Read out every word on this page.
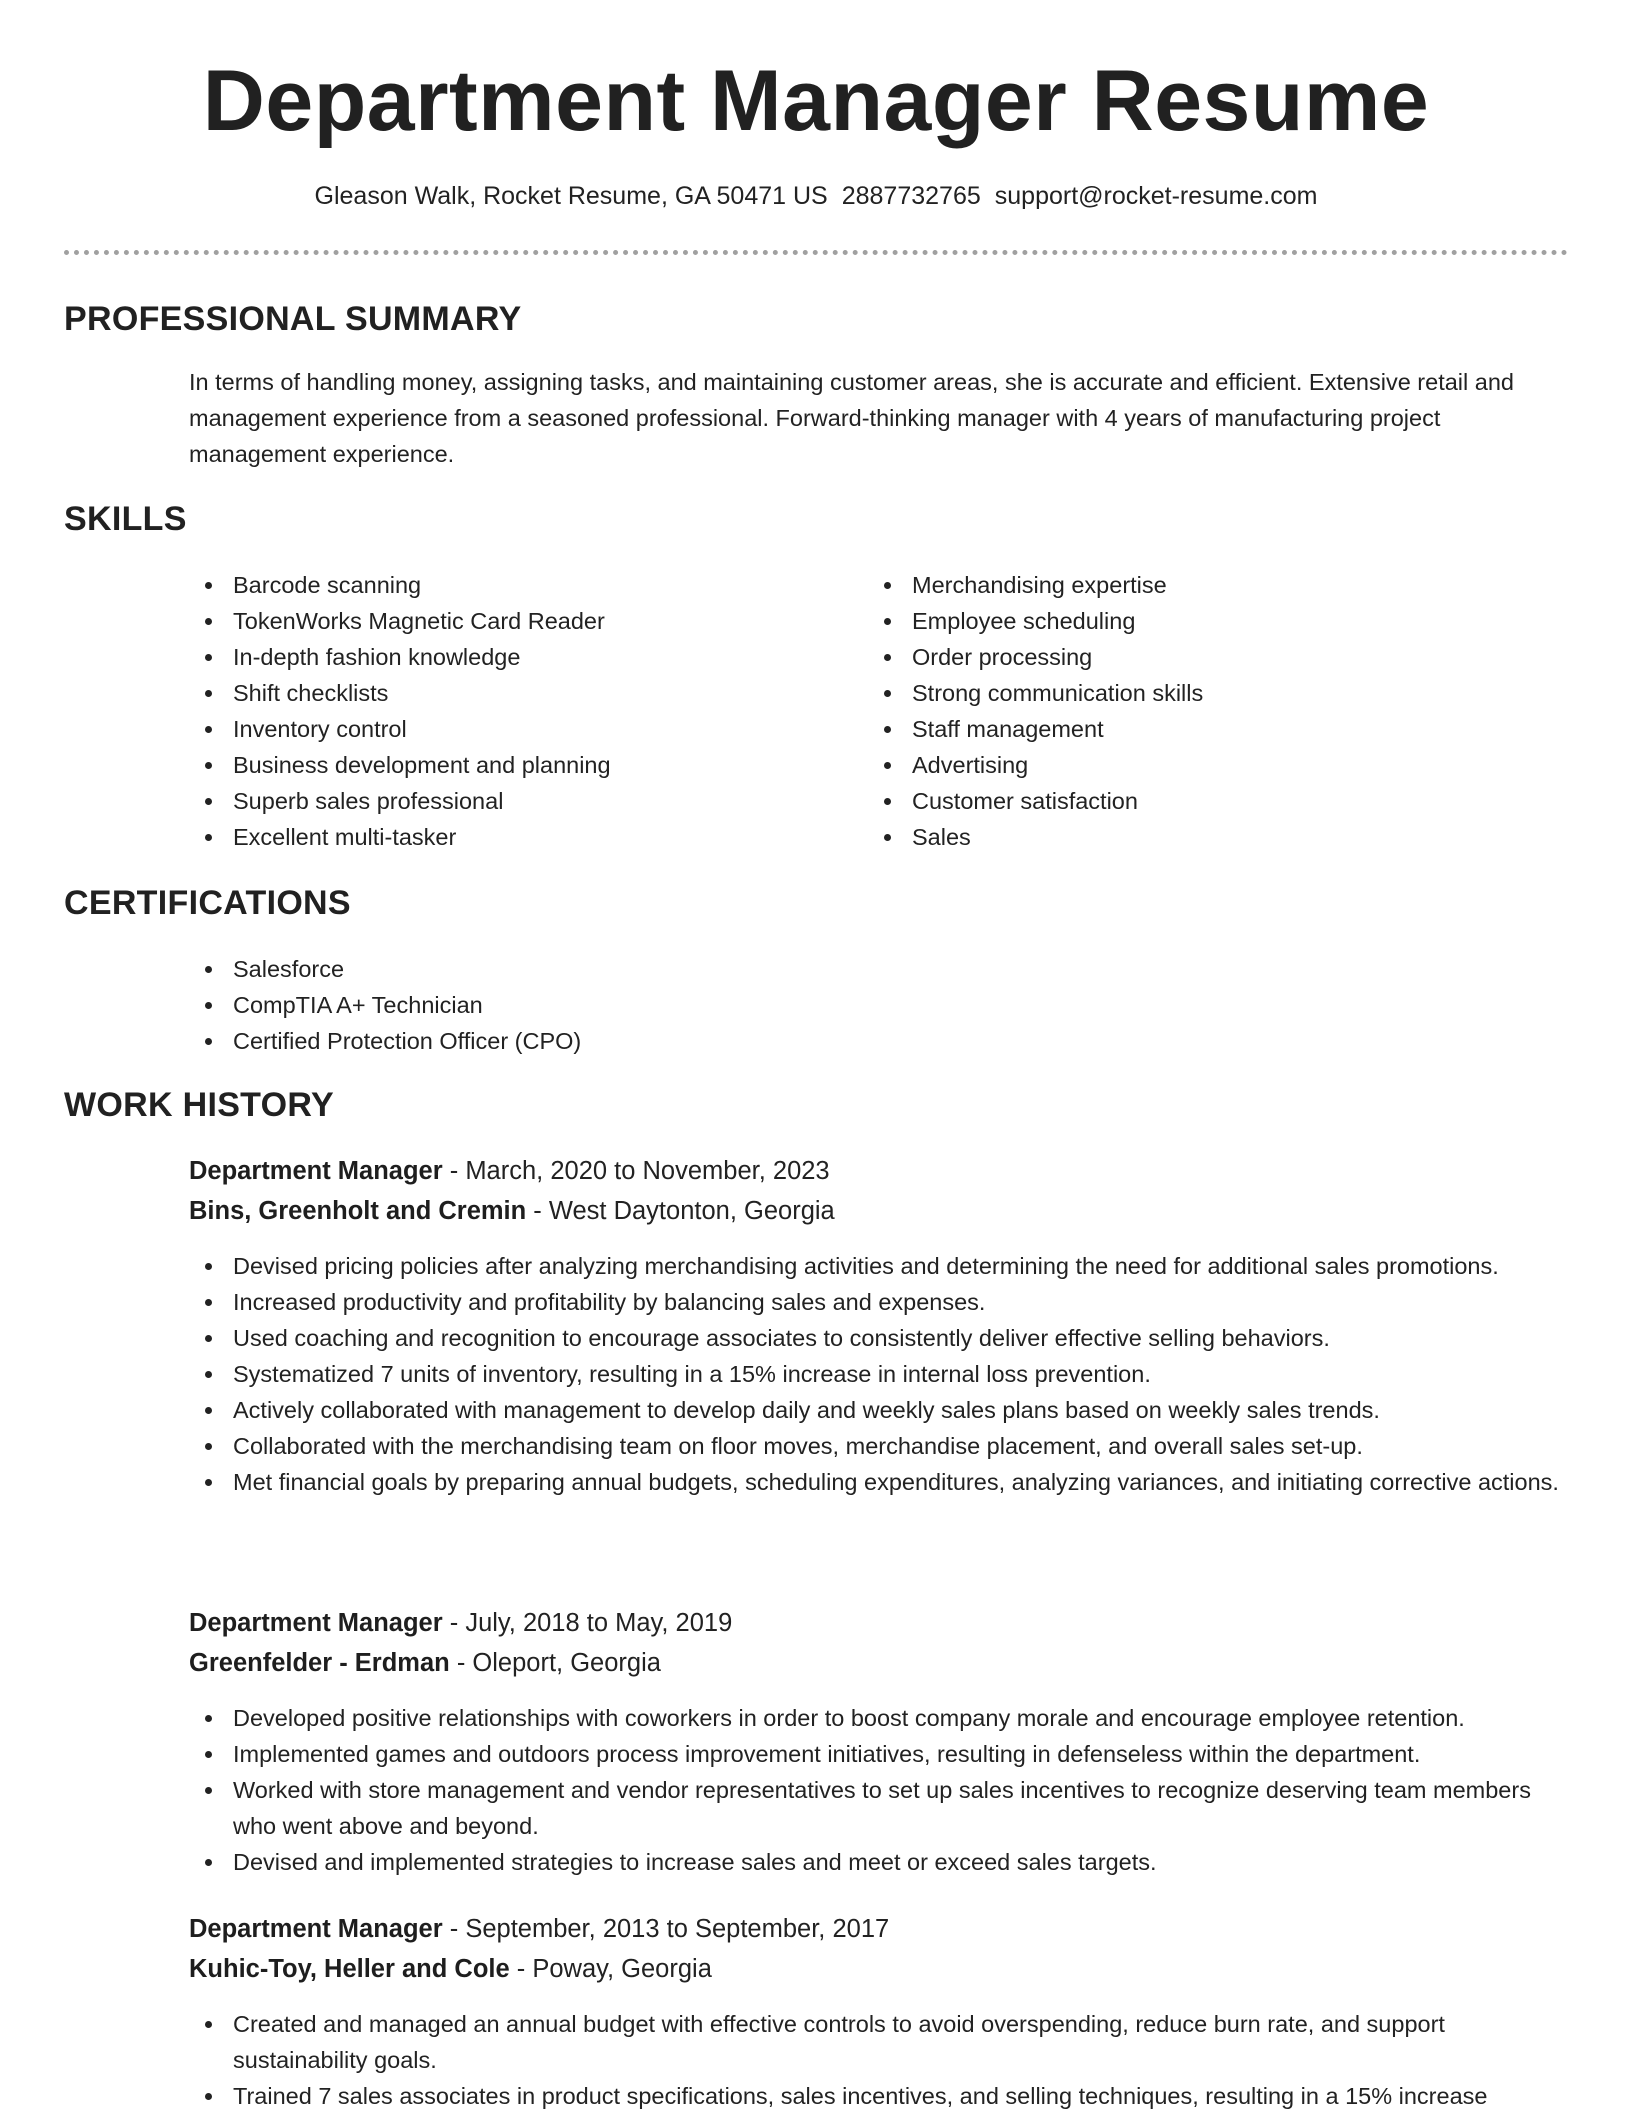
Department Manager Resume
Gleason Walk, Rocket Resume, GA 50471 US 2887732765 support@rocket-resume.com
PROFESSIONAL SUMMARY
In terms of handling money, assigning tasks, and maintaining customer areas, she is accurate and efficient. Extensive retail and management experience from a seasoned professional. Forward-thinking manager with 4 years of manufacturing project management experience.
SKILLS
Barcode scanning
TokenWorks Magnetic Card Reader
In-depth fashion knowledge
Shift checklists
Inventory control
Business development and planning
Superb sales professional
Excellent multi-tasker
Merchandising expertise
Employee scheduling
Order processing
Strong communication skills
Staff management
Advertising
Customer satisfaction
Sales
CERTIFICATIONS
Salesforce
CompTIA A+ Technician
Certified Protection Officer (CPO)
WORK HISTORY
Department Manager - March, 2020 to November, 2023
Bins, Greenholt and Cremin - West Daytonton, Georgia
Devised pricing policies after analyzing merchandising activities and determining the need for additional sales promotions.
Increased productivity and profitability by balancing sales and expenses.
Used coaching and recognition to encourage associates to consistently deliver effective selling behaviors.
Systematized 7 units of inventory, resulting in a 15% increase in internal loss prevention.
Actively collaborated with management to develop daily and weekly sales plans based on weekly sales trends.
Collaborated with the merchandising team on floor moves, merchandise placement, and overall sales set-up.
Met financial goals by preparing annual budgets, scheduling expenditures, analyzing variances, and initiating corrective actions.
Department Manager - July, 2018 to May, 2019
Greenfelder - Erdman - Oleport, Georgia
Developed positive relationships with coworkers in order to boost company morale and encourage employee retention.
Implemented games and outdoors process improvement initiatives, resulting in defenseless within the department.
Worked with store management and vendor representatives to set up sales incentives to recognize deserving team members who went above and beyond.
Devised and implemented strategies to increase sales and meet or exceed sales targets.
Department Manager - September, 2013 to September, 2017
Kuhic-Toy, Heller and Cole - Poway, Georgia
Created and managed an annual budget with effective controls to avoid overspending, reduce burn rate, and support sustainability goals.
Trained 7 sales associates in product specifications, sales incentives, and selling techniques, resulting in a 15% increase
